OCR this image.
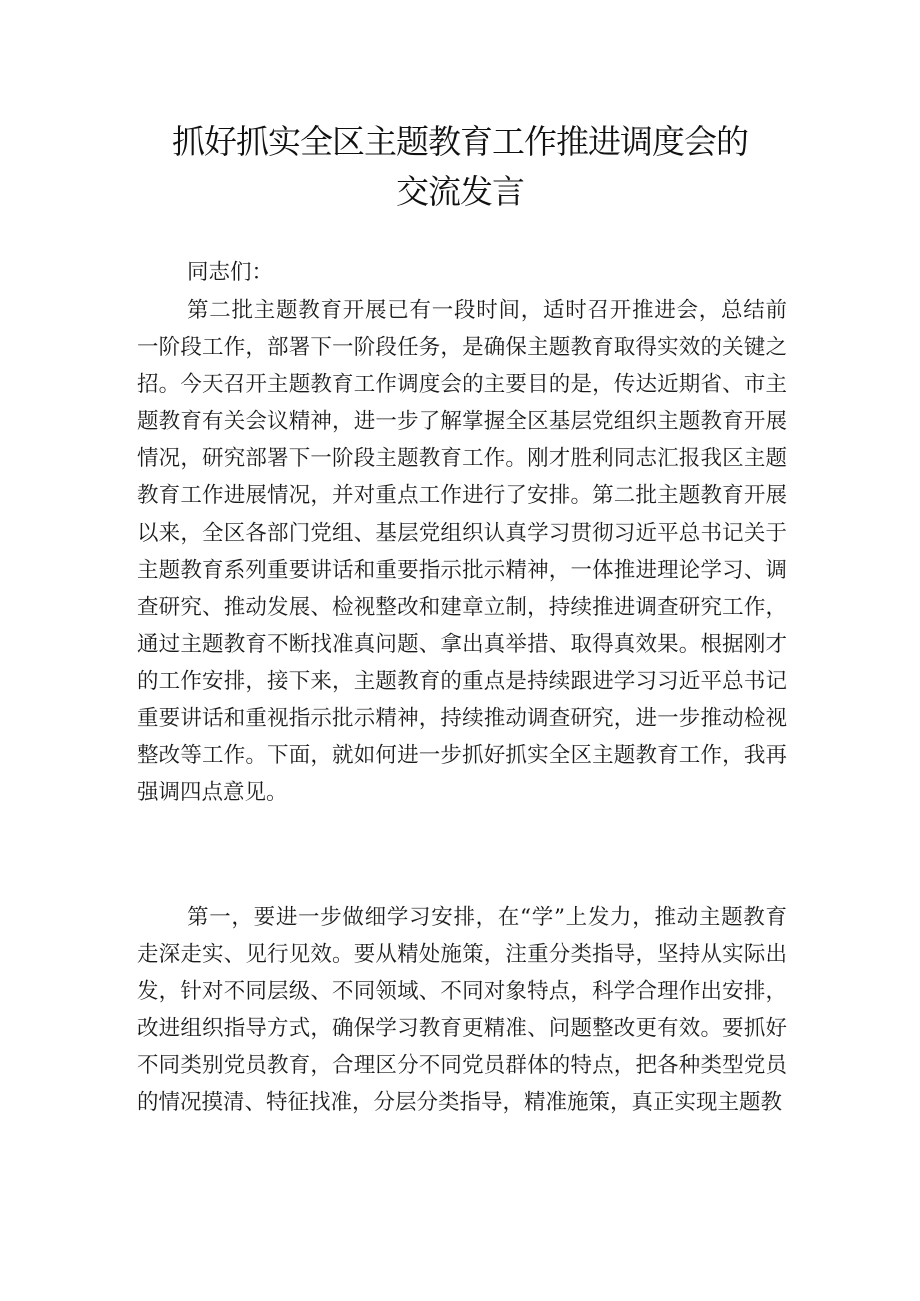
抓好抓实全区主题教育工作推进调度会的
交流发言

同志们：

第二批主题教育开展已有一段时间，适时召开推进会，总结前一阶段工作，部署下一阶段任务，是确保主题教育取得实效的关键之招。今天召开主题教育工作调度会的主要目的是，传达近期省、市主题教育有关会议精神，进一步了解掌握全区基层党组织主题教育开展情况，研究部署下一阶段主题教育工作。刚才胜利同志汇报我区主题教育工作进展情况，并对重点工作进行了安排。第二批主题教育开展以来，全区各部门党组、基层党组织认真学习贯彻习近平总书记关于主题教育系列重要讲话和重要指示批示精神，一体推进理论学习、调查研究、推动发展、检视整改和建章立制，持续推进调查研究工作，通过主题教育不断找准真问题、拿出真举措、取得真效果。根据刚才的工作安排，接下来，主题教育的重点是持续跟进学习习近平总书记重要讲话和重视指示批示精神，持续推动调查研究，进一步推动检视整改等工作。下面，就如何进一步抓好抓实全区主题教育工作，我再强调四点意见。

第一，要进一步做细学习安排，在“学”上发力，推动主题教育走深走实、见行见效。要从精处施策，注重分类指导，坚持从实际出发，针对不同层级、不同领域、不同对象特点，科学合理作出安排，改进组织指导方式，确保学习教育更精准、问题整改更有效。要抓好不同类别党员教育，合理区分不同党员群体的特点，把各种类型党员的情况摸清、特征找准，分层分类指导，精准施策，真正实现主题教
